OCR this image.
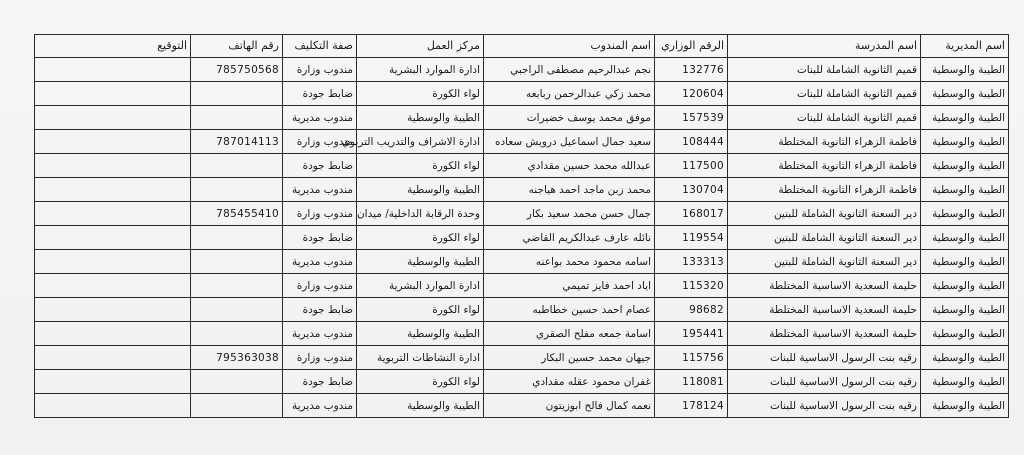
اسم المديرية	اسم المدرسة	الرقم الوزاري	اسم المندوب	مركز العمل	صفة التكليف	رقم الهاتف	التوقيع
الطيبة والوسطية	قميم الثانوية الشاملة للبنات	132776	نجم عبدالرحيم مصطفى الراجبي	ادارة الموارد البشرية	مندوب وزارة	785750568	
الطيبة والوسطية	قميم الثانوية الشاملة للبنات	120604	محمد زكي عبدالرحمن ربابعه	لواء الكورة	ضابط جودة		
الطيبة والوسطية	قميم الثانوية الشاملة للبنات	157539	موفق محمد يوسف خضيرات	الطيبة والوسطية	مندوب مديرية		
الطيبة والوسطية	فاطمة الزهراء الثانوية المختلطة	108444	سعيد جمال اسماعيل درويش سعاده	ادارة الاشراف والتدريب التربوي	مندوب وزارة	787014113	
الطيبة والوسطية	فاطمة الزهراء الثانوية المختلطة	117500	عبدالله محمد حسين مقدادي	لواء الكورة	ضابط جودة		
الطيبة والوسطية	فاطمة الزهراء الثانوية المختلطة	130704	محمد زبن ماجد احمد هياجنه	الطيبة والوسطية	مندوب مديرية		
الطيبة والوسطية	دير السعنة الثانوية الشاملة للبنين	168017	جمال حسن محمد سعيد بكار	وحدة الرقابة الداخلية/ ميدان	مندوب وزارة	785455410	
الطيبة والوسطية	دير السعنة الثانوية الشاملة للبنين	119554	نائله عارف عبدالكريم القاضي	لواء الكورة	ضابط جودة		
الطيبة والوسطية	دير السعنة الثانوية الشاملة للبنين	133313	اسامه محمود محمد بواعنه	الطيبة والوسطية	مندوب مديرية		
الطيبة والوسطية	حليمة السعدية الاساسية المختلطة	115320	اياد احمد فايز تميمي	ادارة الموارد البشرية	مندوب وزارة		
الطيبة والوسطية	حليمة السعدية الاساسية المختلطة	98682	عصام احمد حسين خطاطبه	لواء الكورة	ضابط جودة		
الطيبة والوسطية	حليمة السعدية الاساسية المختلطة	195441	اسامة جمعه مفلح الصقري	الطيبة والوسطية	مندوب مديرية		
الطيبة والوسطية	رقيه بنت الرسول الاساسية للبنات	115756	جيهان محمد حسين البكار	ادارة النشاطات التربوية	مندوب وزارة	795363038	
الطيبة والوسطية	رقيه بنت الرسول الاساسية للبنات	118081	غفران محمود عقله مقدادي	لواء الكورة	ضابط جودة		
الطيبة والوسطية	رقيه بنت الرسول الاساسية للبنات	178124	نعمه كمال فالح ابوزيتون	الطيبة والوسطية	مندوب مديرية		
